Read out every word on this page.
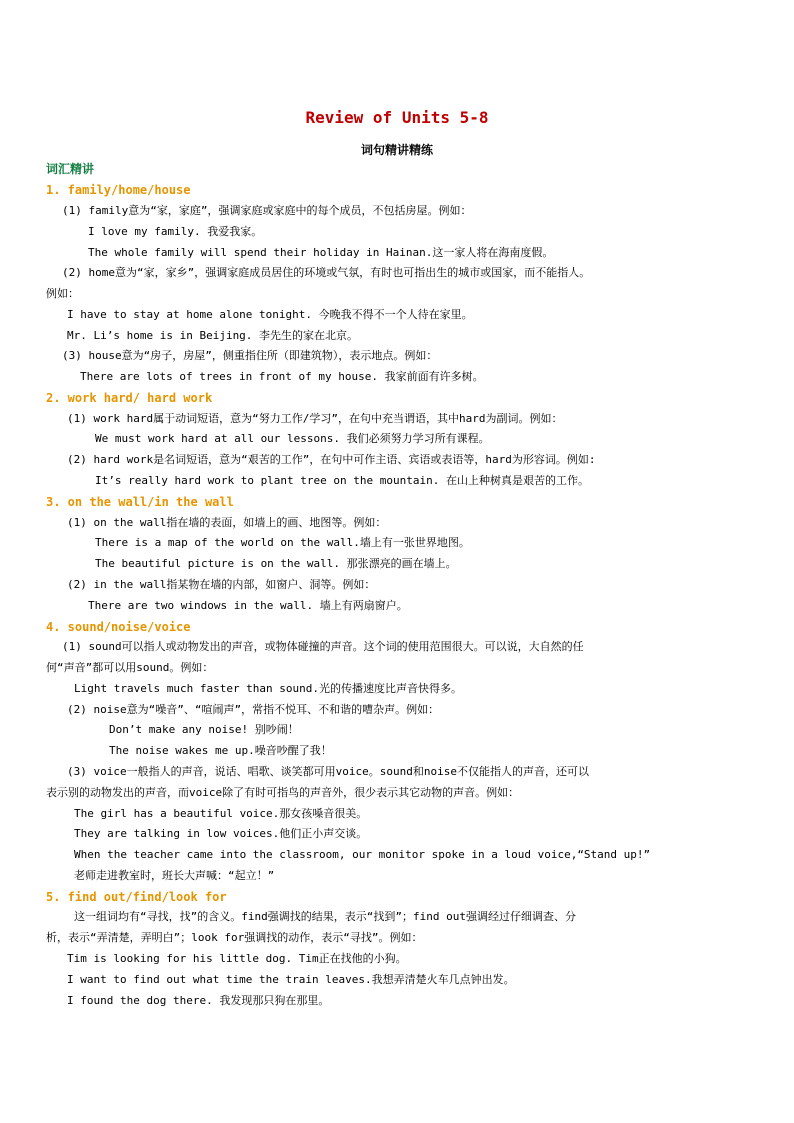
Review of Units 5-8
词句精讲精练
词汇精讲
1. family/home/house
(1) family意为“家，家庭”，强调家庭或家庭中的每个成员，不包括房屋。例如：
I love my family. 我爱我家。
The whole family will spend their holiday in Hainan.这一家人将在海南度假。
(2) home意为“家，家乡”，强调家庭成员居住的环境或气氛，有时也可指出生的城市或国家，而不能指人。
例如：
I have to stay at home alone tonight. 今晚我不得不一个人待在家里。
Mr. Li’s home is in Beijing. 李先生的家在北京。
(3) house意为“房子，房屋”，侧重指住所（即建筑物），表示地点。例如：
There are lots of trees in front of my house. 我家前面有许多树。
2. work hard/ hard work
(1) work hard属于动词短语，意为“努力工作/学习”，在句中充当谓语，其中hard为副词。例如：
We must work hard at all our lessons. 我们必须努力学习所有课程。
(2) hard work是名词短语，意为“艰苦的工作”，在句中可作主语、宾语或表语等，hard为形容词。例如:
It’s really hard work to plant tree on the mountain. 在山上种树真是艰苦的工作。
3. on the wall/in the wall
(1) on the wall指在墙的表面，如墙上的画、地图等。例如：
There is a map of the world on the wall.墙上有一张世界地图。
The beautiful picture is on the wall. 那张漂亮的画在墙上。
(2) in the wall指某物在墙的内部，如窗户、洞等。例如：
There are two windows in the wall. 墙上有两扇窗户。
4. sound/noise/voice
(1) sound可以指人或动物发出的声音，或物体碰撞的声音。这个词的使用范围很大。可以说，大自然的任
何“声音”都可以用sound。例如：
Light travels much faster than sound.光的传播速度比声音快得多。
(2) noise意为“噪音”、“喧闹声”，常指不悦耳、不和谐的嘈杂声。例如：
Don’t make any noise! 别吵闹！
The noise wakes me up.噪音吵醒了我！
(3) voice一般指人的声音，说话、唱歌、谈笑都可用voice。sound和noise不仅能指人的声音，还可以
表示别的动物发出的声音，而voice除了有时可指鸟的声音外，很少表示其它动物的声音。例如：
The girl has a beautiful voice.那女孩嗓音很美。
They are talking in low voices.他们正小声交谈。
When the teacher came into the classroom, our monitor spoke in a loud voice,“Stand up!”
老师走进教室时，班长大声喊：“起立！”
5. find out/find/look for
这一组词均有“寻找，找”的含义。find强调找的结果，表示“找到”；find out强调经过仔细调查、分
析，表示“弄清楚，弄明白”；look for强调找的动作，表示“寻找”。例如：
Tim is looking for his little dog. Tim正在找他的小狗。
I want to find out what time the train leaves.我想弄清楚火车几点钟出发。
I found the dog there. 我发现那只狗在那里。
